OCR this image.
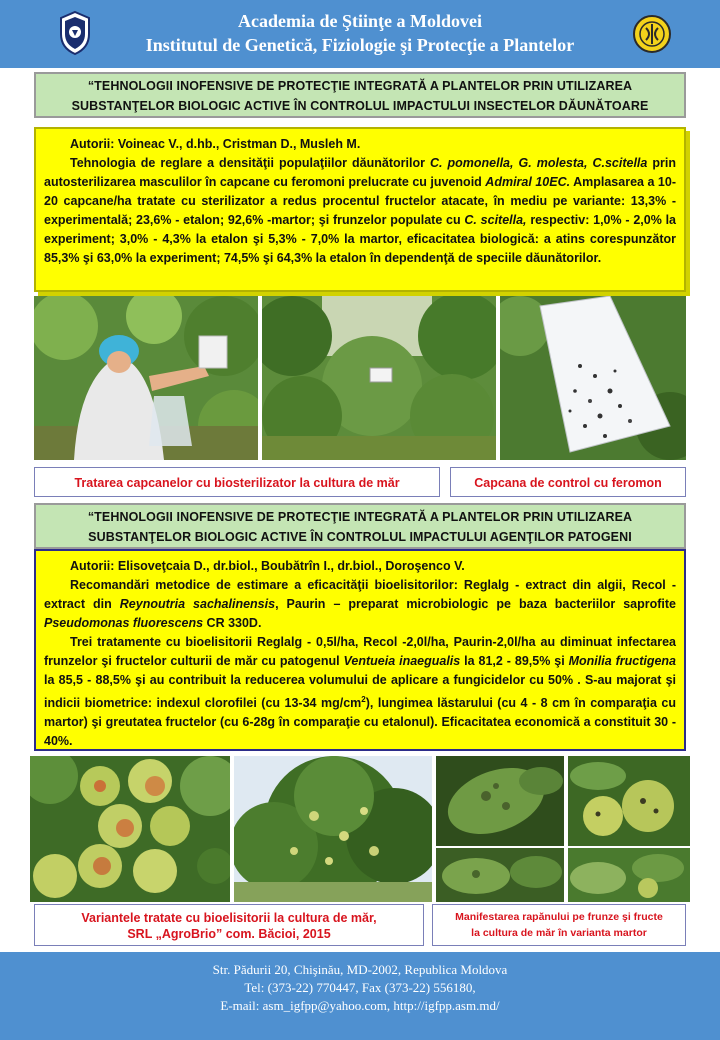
Academia de Ştiinţe a Moldovei
Institutul de Genetică, Fiziologie şi Protecţie a Plantelor
“TEHNOLOGII INOFENSIVE DE PROTECŢIE INTEGRATĂ A PLANTELOR PRIN UTILIZAREA
SUBSTANŢELOR BIOLOGIC ACTIVE ÎN CONTROLUL IMPACTULUI INSECTELOR DĂUNĂTOARE

Autorii: Voineac V., d.hb., Cristman D., Musleh M.

Tehnologia de reglare a densităţii populaţiilor dăunătorilor C. pomonella, G. molesta, C.scitella prin autosterilizarea masculilor în capcane cu feromoni prelucrate cu juvenoid Admiral 10EC. Amplasarea a 10-20 capcane/ha tratate cu sterilizator a redus procentul fructelor atacate, în mediu pe variante: 13,3% - experimentală; 23,6% - etalon; 92,6% -martor; şi frunzelor populate cu C. scitella, respectiv: 1,0% - 2,0% la experiment; 3,0% - 4,3% la etalon şi 5,3% - 7,0% la martor, eficacitatea biologică: a atins corespunzător 85,3% şi 63,0% la experiment; 74,5% şi 64,3% la etalon în dependenţă de speciile dăunătorilor.

Tratarea capcanelor cu biosterilizator la cultura de măr	Capcana de control cu feromon
“TEHNOLOGII INOFENSIVE DE PROTECŢIE INTEGRATĂ A PLANTELOR PRIN UTILIZAREA
SUBSTANŢELOR BIOLOGIC ACTIVE ÎN CONTROLUL IMPACTULUI AGENŢILOR PATOGENI

Autorii: Elisovеţcaia D., dr.biol., Boubătrîn I., dr.biol., Doroşenco V.

Recomandări metodice de estimare a eficacităţii bioelisitorilor: Reglalg - extract din algii, Recol - extract din Reynoutria sachalinensis, Paurin – preparat microbiologic pe baza bacteriilor saprofite Pseudomonas fluorescens CR 330D.

Trei tratamente cu bioelisitorii Reglalg - 0,5l/ha, Recol -2,0l/ha, Paurin-2,0l/ha au diminuat infectarea frunzelor şi fructelor culturii de măr cu patogenul Ventueia inaegualis la 81,2 - 89,5% şi Monilia fructigena la 85,5 - 88,5% şi au contribuit la reducerea volumului de aplicare a fungicidelor cu 50% . S-au majorat şi indicii biometrice: indexul clorofilei (cu 13-34 $mg/cm^2$), lungimea lăstarului (cu 4 - 8 cm în comparaţia cu martor) şi greutatea fructelor (cu 6-28g în comparaţie cu etalonul). Eficacitatea economică a constituit 30 - 40%.

Variantele tratate cu bioelisitorii la cultura de măr,
SRL „AgroBrio” com. Băcioi, 2015
Manifestarea rapănului pe frunze şi fructe
la cultura de măr în varianta martor
Str. Pădurii 20, Chişinău, MD-2002, Republica Moldova
Tel: (373-22) 770447, Fax (373-22) 556180,
E-mail: asm_igfpp@yahoo.com, http://igfpp.asm.md/
